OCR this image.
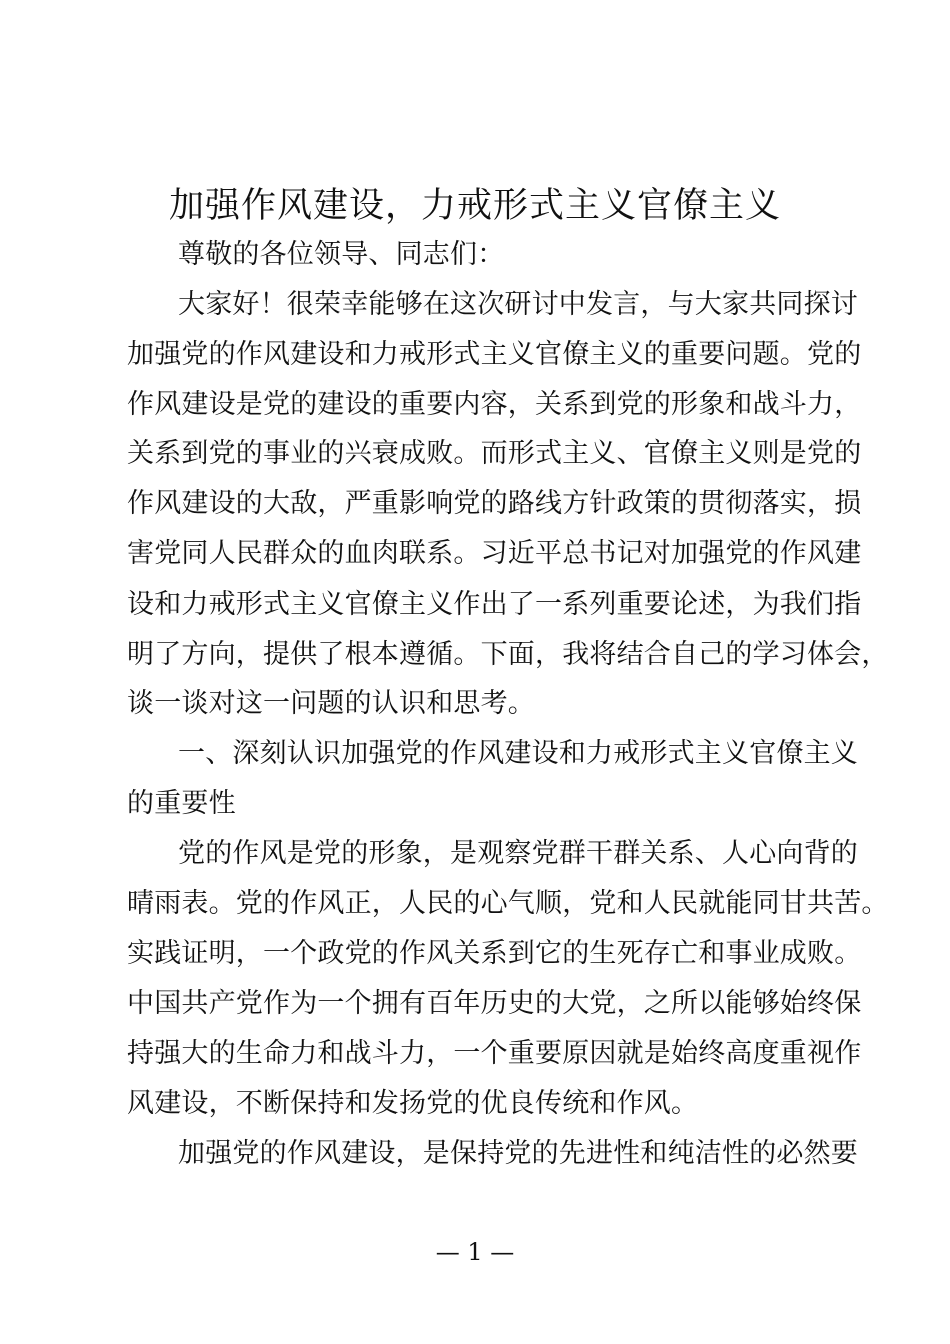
加强作风建设，力戒形式主义官僚主义
尊敬的各位领导、同志们：
大家好！很荣幸能够在这次研讨中发言，与大家共同探讨
加强党的作风建设和力戒形式主义官僚主义的重要问题。党的
作风建设是党的建设的重要内容，关系到党的形象和战斗力，
关系到党的事业的兴衰成败。而形式主义、官僚主义则是党的
作风建设的大敌，严重影响党的路线方针政策的贯彻落实，损
害党同人民群众的血肉联系。习近平总书记对加强党的作风建
设和力戒形式主义官僚主义作出了一系列重要论述，为我们指
明了方向，提供了根本遵循。下面，我将结合自己的学习体会，
谈一谈对这一问题的认识和思考。
一、深刻认识加强党的作风建设和力戒形式主义官僚主义
的重要性
党的作风是党的形象，是观察党群干群关系、人心向背的
晴雨表。党的作风正，人民的心气顺，党和人民就能同甘共苦。
实践证明，一个政党的作风关系到它的生死存亡和事业成败。
中国共产党作为一个拥有百年历史的大党，之所以能够始终保
持强大的生命力和战斗力，一个重要原因就是始终高度重视作
风建设，不断保持和发扬党的优良传统和作风。
加强党的作风建设，是保持党的先进性和纯洁性的必然要
— 1 —
